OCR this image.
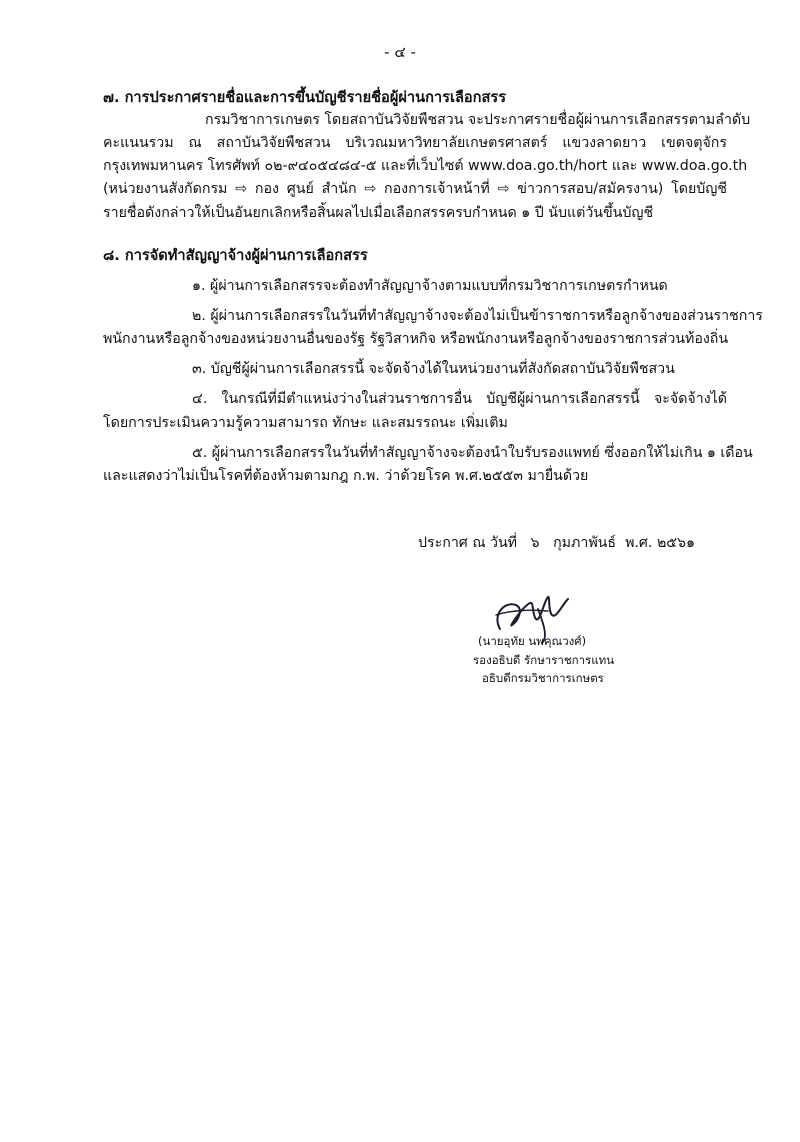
- ๔ -
๗. การประกาศรายชื่อและการขึ้นบัญชีรายชื่อผู้ผ่านการเลือกสรร
กรมวิชาการเกษตร โดยสถาบันวิจัยพืชสวน จะประกาศรายชื่อผู้ผ่านการเลือกสรรตามลำดับ
คะแนนรวม ณ สถาบันวิจัยพืชสวน บริเวณมหาวิทยาลัยเกษตรศาสตร์ แขวงลาดยาว เขตจตุจักร
กรุงเทพมหานคร โทรศัพท์ ๐๒-๙๔๐๕๔๘๔-๕ และที่เว็บไซต์ www.doa.go.th/hort และ www.doa.go.th
(หน่วยงานสังกัดกรม ⇨ กอง ศูนย์ สำนัก ⇨ กองการเจ้าหน้าที่ ⇨ ข่าวการสอบ/สมัครงาน) โดยบัญชี
รายชื่อดังกล่าวให้เป็นอันยกเลิกหรือสิ้นผลไปเมื่อเลือกสรรครบกำหนด ๑ ปี นับแต่วันขึ้นบัญชี
๘. การจัดทำสัญญาจ้างผู้ผ่านการเลือกสรร
๑. ผู้ผ่านการเลือกสรรจะต้องทำสัญญาจ้างตามแบบที่กรมวิชาการเกษตรกำหนด
๒. ผู้ผ่านการเลือกสรรในวันที่ทำสัญญาจ้างจะต้องไม่เป็นข้าราชการหรือลูกจ้างของส่วนราชการ
พนักงานหรือลูกจ้างของหน่วยงานอื่นของรัฐ รัฐวิสาหกิจ หรือพนักงานหรือลูกจ้างของราชการส่วนท้องถิ่น
๓. บัญชีผู้ผ่านการเลือกสรรนี้ จะจัดจ้างได้ในหน่วยงานที่สังกัดสถาบันวิจัยพืชสวน
๔. ในกรณีที่มีตำแหน่งว่างในส่วนราชการอื่น บัญชีผู้ผ่านการเลือกสรรนี้ จะจัดจ้างได้
โดยการประเมินความรู้ความสามารถ ทักษะ และสมรรถนะ เพิ่มเติม
๕. ผู้ผ่านการเลือกสรรในวันที่ทำสัญญาจ้างจะต้องนำใบรับรองแพทย์ ซึ่งออกให้ไม่เกิน ๑ เดือน
และแสดงว่าไม่เป็นโรคที่ต้องห้ามตามกฎ ก.พ. ว่าด้วยโรค พ.ศ.๒๕๕๓ มายื่นด้วย
ประกาศ ณ วันที่   ๖   กุมภาพันธ์  พ.ศ. ๒๕๖๑
(นายอุทัย นพคุณวงศ์)
รองอธิบดี รักษาราชการแทน
อธิบดีกรมวิชาการเกษตร
